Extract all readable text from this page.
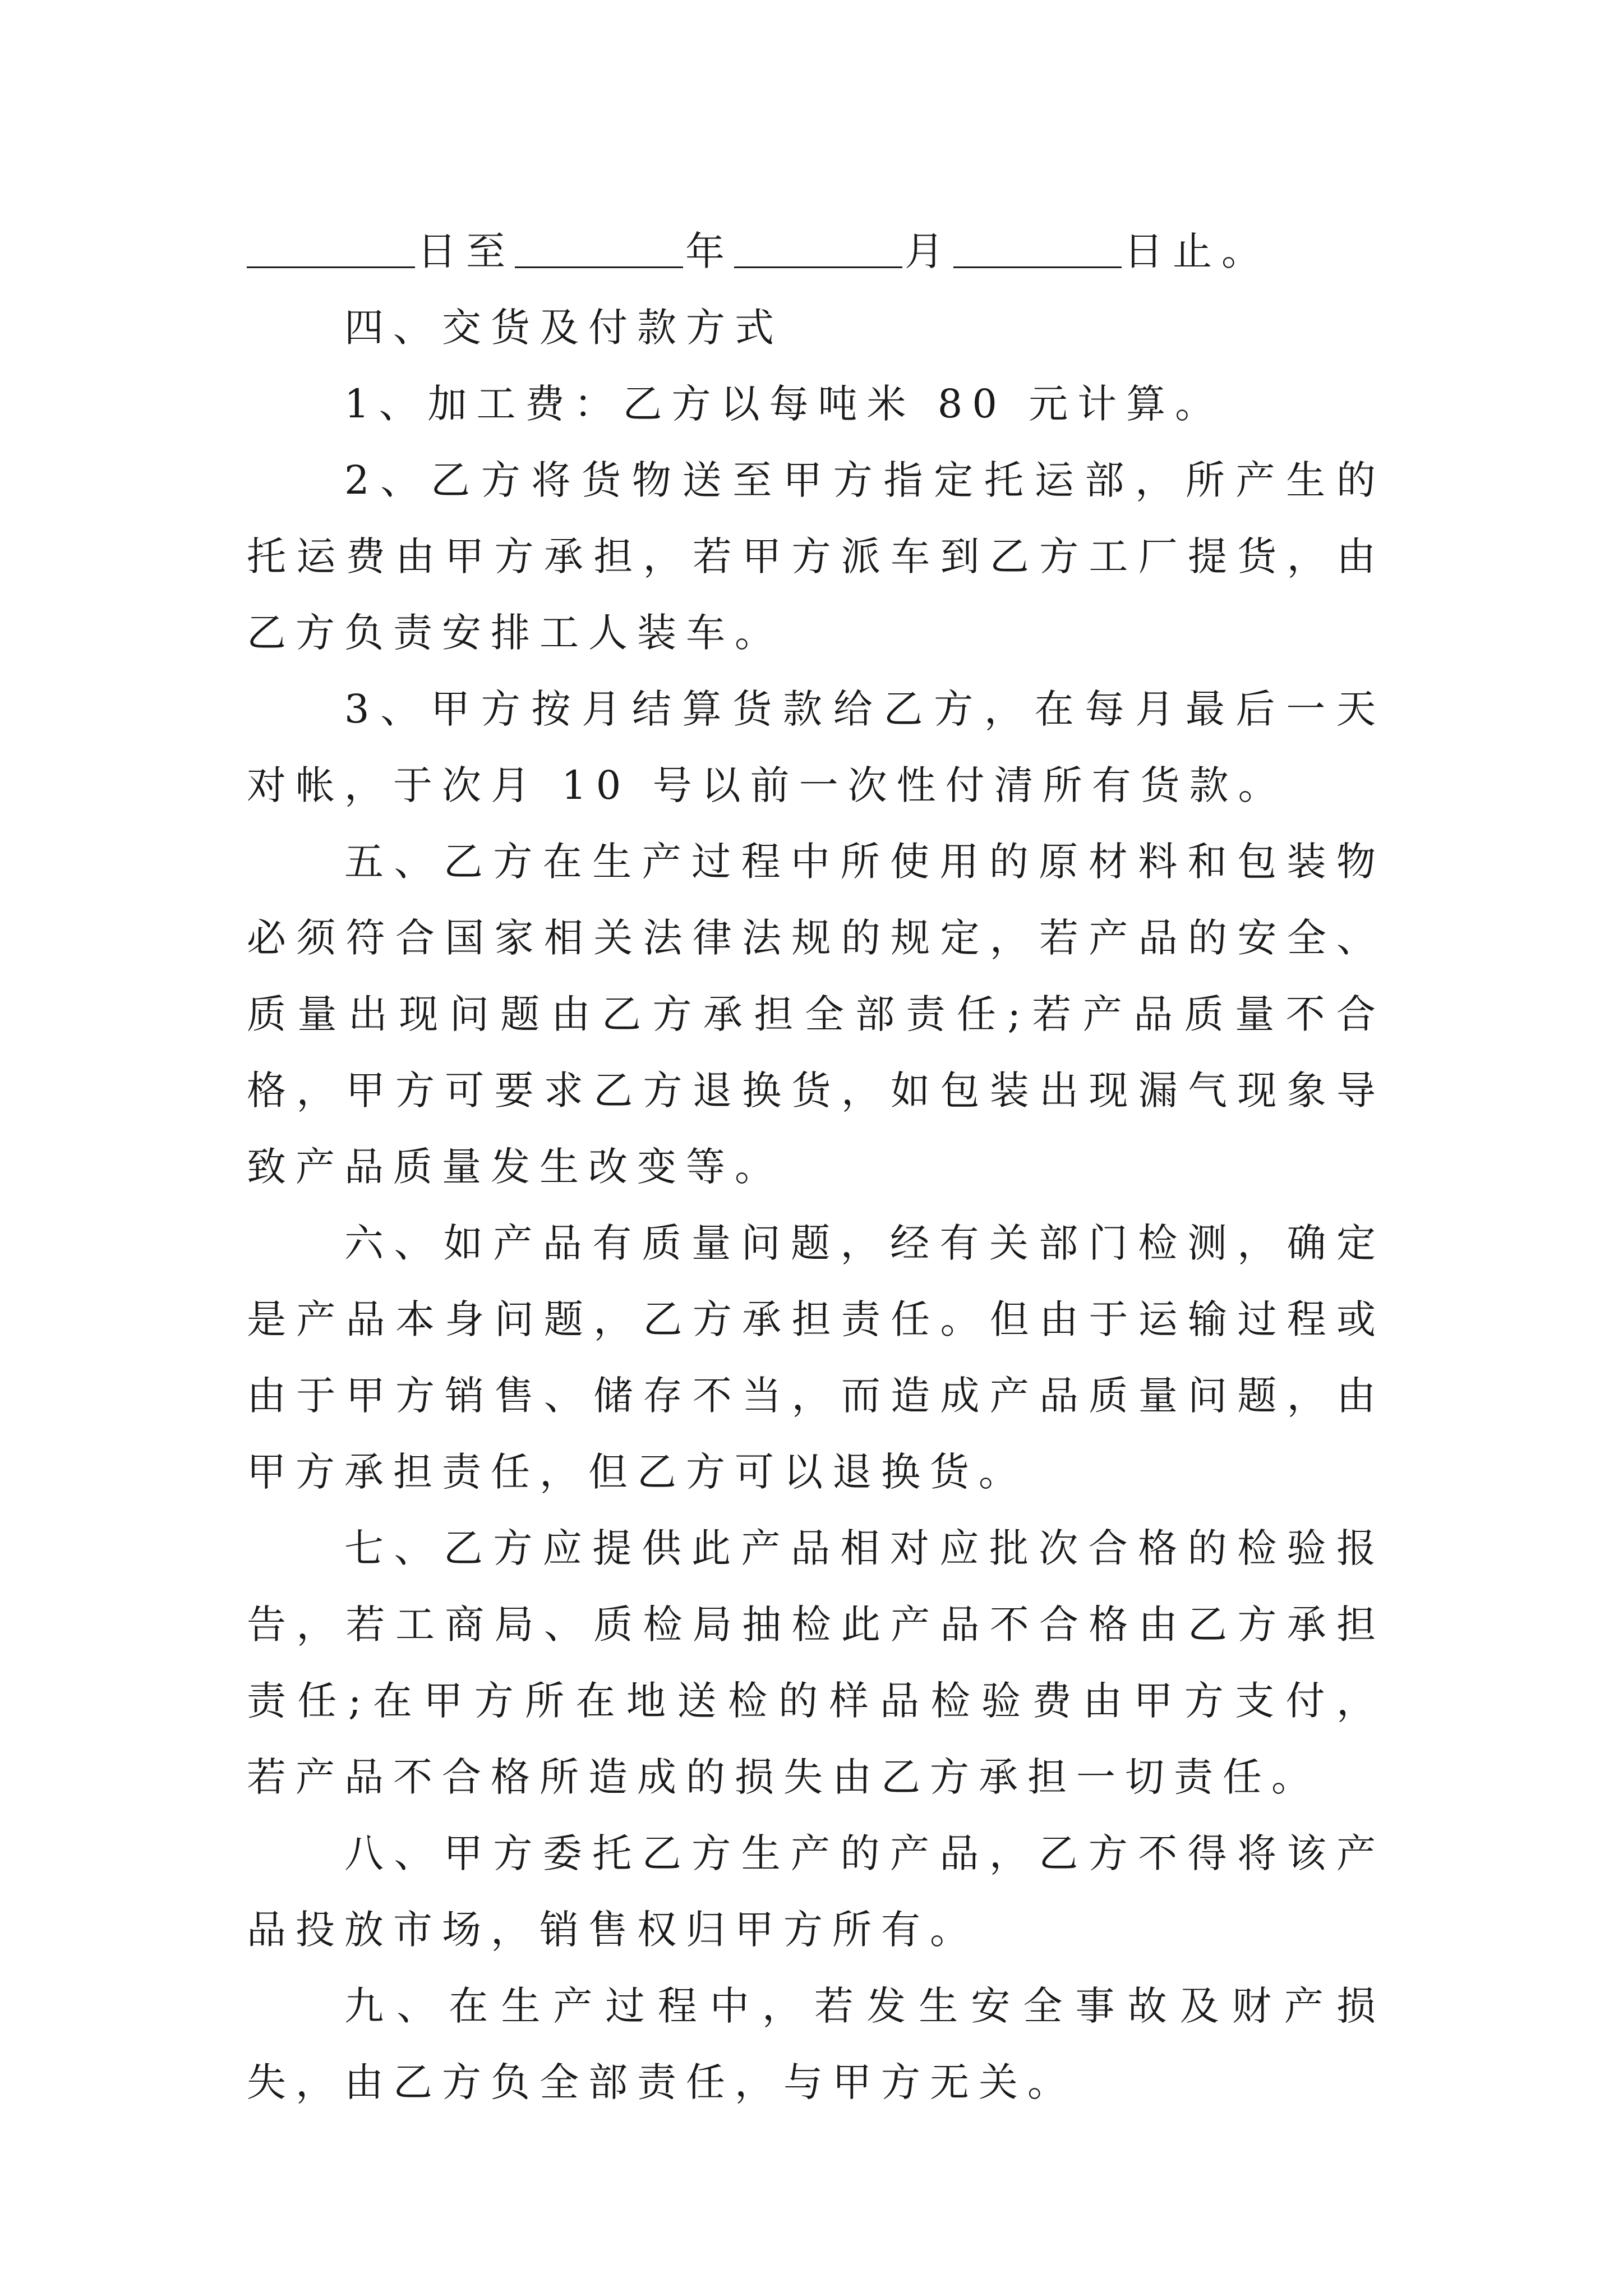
日至	年	月	日止。

四、交货及付款方式

1、加工费：乙方以每吨米 80 元计算。

2、乙方将货物送至甲方指定托运部，所产生的托运费由甲方承担，若甲方派车到乙方工厂提货，由乙方负责安排工人装车。

3、甲方按月结算货款给乙方，在每月最后一天对帐，于次月 10 号以前一次性付清所有货款。

五、乙方在生产过程中所使用的原材料和包装物必须符合国家相关法律法规的规定，若产品的安全、质量出现问题由乙方承担全部责任;若产品质量不合格，甲方可要求乙方退换货，如包装出现漏气现象导致产品质量发生改变等。

六、如产品有质量问题，经有关部门检测，确定是产品本身问题，乙方承担责任。但由于运输过程或由于甲方销售、储存不当，而造成产品质量问题，由甲方承担责任，但乙方可以退换货。

七、乙方应提供此产品相对应批次合格的检验报告，若工商局、质检局抽检此产品不合格由乙方承担责任;在甲方所在地送检的样品检验费由甲方支付，若产品不合格所造成的损失由乙方承担一切责任。

八、甲方委托乙方生产的产品，乙方不得将该产品投放市场，销售权归甲方所有。

九、在生产过程中，若发生安全事故及财产损失，由乙方负全部责任，与甲方无关。
